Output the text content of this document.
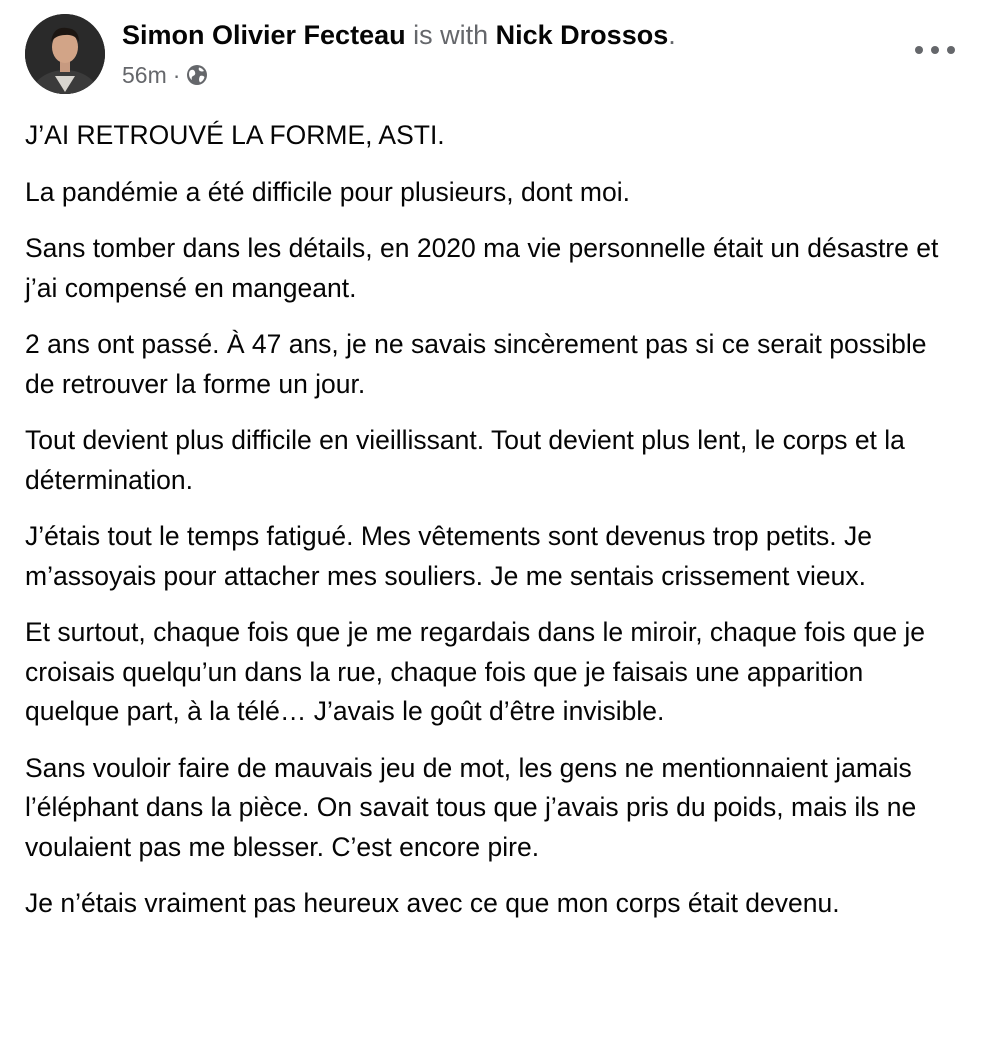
Simon Olivier Fecteau is with Nick Drossos.
56m ·

J’AI RETROUVÉ LA FORME, ASTI.

La pandémie a été difficile pour plusieurs, dont moi.

Sans tomber dans les détails, en 2020 ma vie personnelle était un désastre et j’ai compensé en mangeant.

2 ans ont passé. À 47 ans, je ne savais sincèrement pas si ce serait possible de retrouver la forme un jour.

Tout devient plus difficile en vieillissant. Tout devient plus lent, le corps et la détermination.

J’étais tout le temps fatigué. Mes vêtements sont devenus trop petits. Je m’assoyais pour attacher mes souliers. Je me sentais crissement vieux.

Et surtout, chaque fois que je me regardais dans le miroir, chaque fois que je croisais quelqu’un dans la rue, chaque fois que je faisais une apparition quelque part, à la télé… J’avais le goût d’être invisible.

Sans vouloir faire de mauvais jeu de mot, les gens ne mentionnaient jamais l’éléphant dans la pièce. On savait tous que j’avais pris du poids, mais ils ne voulaient pas me blesser. C’est encore pire.

Je n’étais vraiment pas heureux avec ce que mon corps était devenu.
